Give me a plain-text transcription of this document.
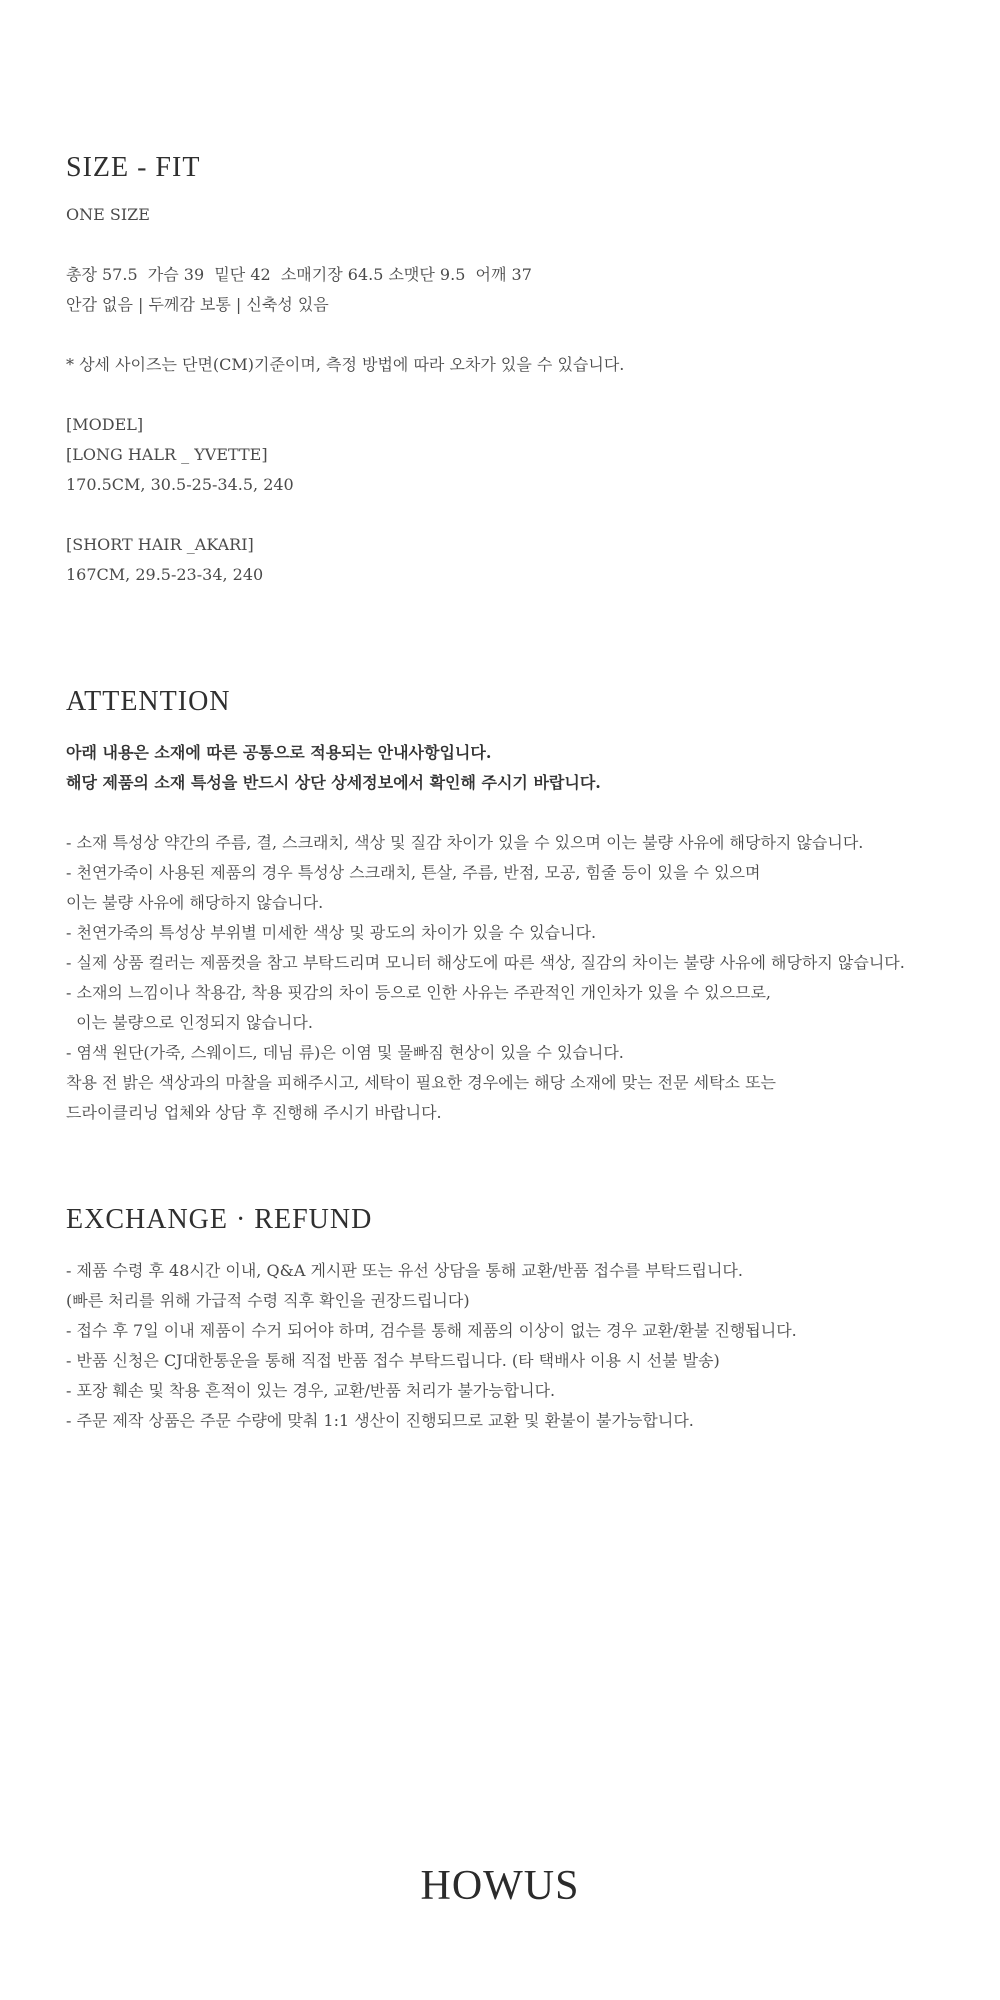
SIZE - FIT
ONE SIZE
총장 57.5  가슴 39  밑단 42  소매기장 64.5 소맷단 9.5  어깨 37
안감 없음 | 두께감 보통 | 신축성 있음
* 상세 사이즈는 단면(CM)기준이며, 측정 방법에 따라 오차가 있을 수 있습니다.
[MODEL]
[LONG HALR _ YVETTE]
170.5CM, 30.5-25-34.5, 240
[SHORT HAIR _AKARI]
167CM, 29.5-23-34, 240
ATTENTION
아래 내용은 소재에 따른 공통으로 적용되는 안내사항입니다.
해당 제품의 소재 특성을 반드시 상단 상세정보에서 확인해 주시기 바랍니다.
- 소재 특성상 약간의 주름, 결, 스크래치, 색상 및 질감 차이가 있을 수 있으며 이는 불량 사유에 해당하지 않습니다.
- 천연가죽이 사용된 제품의 경우 특성상 스크래치, 튼살, 주름, 반점, 모공, 힘줄 등이 있을 수 있으며
이는 불량 사유에 해당하지 않습니다.
- 천연가죽의 특성상 부위별 미세한 색상 및 광도의 차이가 있을 수 있습니다.
- 실제 상품 컬러는 제품컷을 참고 부탁드리며 모니터 해상도에 따른 색상, 질감의 차이는 불량 사유에 해당하지 않습니다.
- 소재의 느낌이나 착용감, 착용 핏감의 차이 등으로 인한 사유는 주관적인 개인차가 있을 수 있으므로,
이는 불량으로 인정되지 않습니다.
- 염색 원단(가죽, 스웨이드, 데님 류)은 이염 및 물빠짐 현상이 있을 수 있습니다.
착용 전 밝은 색상과의 마찰을 피해주시고, 세탁이 필요한 경우에는 해당 소재에 맞는 전문 세탁소 또는
드라이클리닝 업체와 상담 후 진행해 주시기 바랍니다.
EXCHANGE · REFUND
- 제품 수령 후 48시간 이내, Q&A 게시판 또는 유선 상담을 통해 교환/반품 접수를 부탁드립니다.
(빠른 처리를 위해 가급적 수령 직후 확인을 권장드립니다)
- 접수 후 7일 이내 제품이 수거 되어야 하며, 검수를 통해 제품의 이상이 없는 경우 교환/환불 진행됩니다.
- 반품 신청은 CJ대한통운을 통해 직접 반품 접수 부탁드립니다. (타 택배사 이용 시 선불 발송)
- 포장 훼손 및 착용 흔적이 있는 경우, 교환/반품 처리가 불가능합니다.
- 주문 제작 상품은 주문 수량에 맞춰 1:1 생산이 진행되므로 교환 및 환불이 불가능합니다.
HOWUS
